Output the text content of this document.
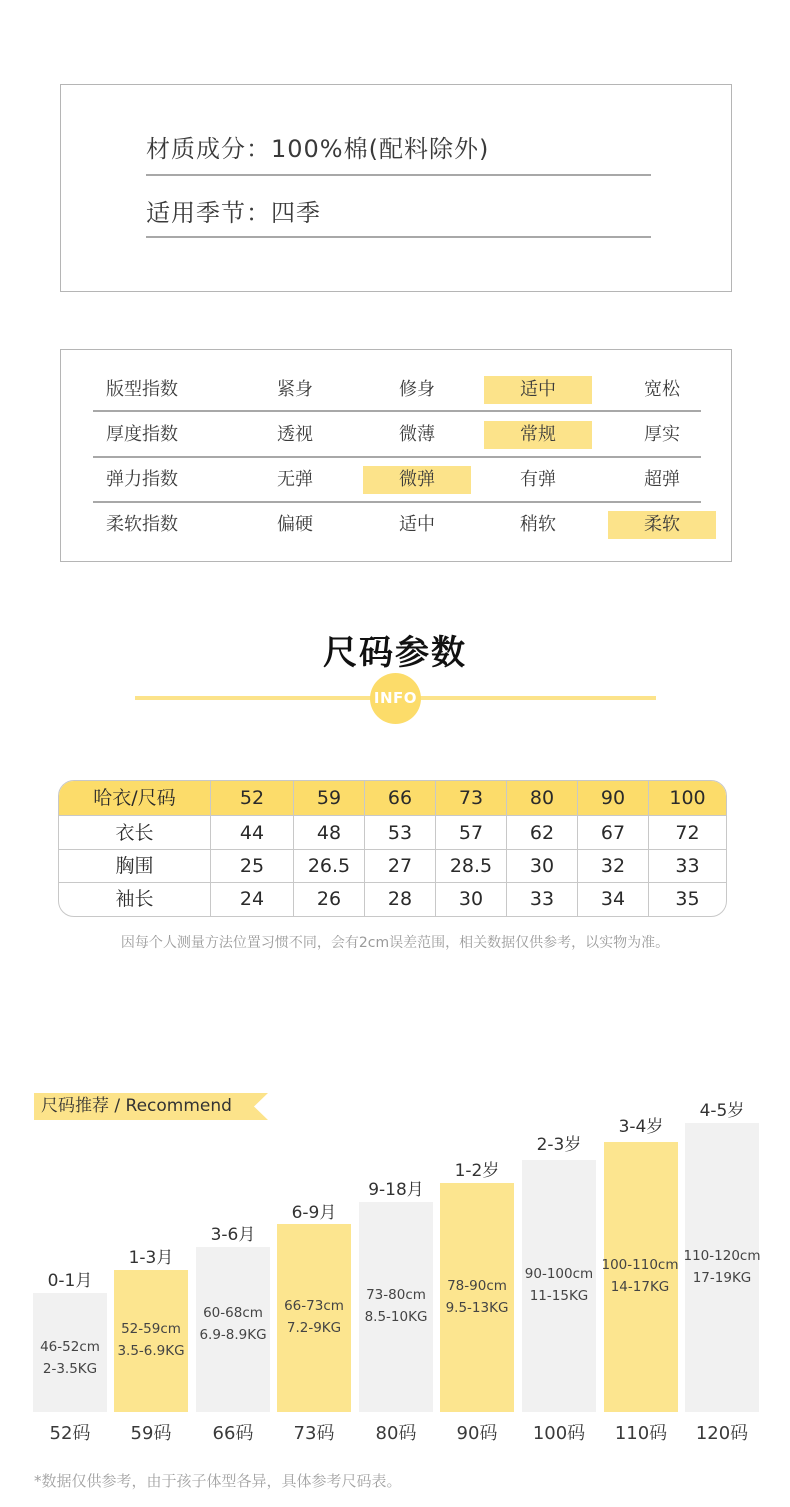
材质成分：100%棉(配料除外)
适用季节：四季
版型指数	紧身	修身	适中	宽松
厚度指数	透视	微薄	常规	厚实
弹力指数	无弹	微弹	有弹	超弹
柔软指数	偏硬	适中	稍软	柔软
尺码参数
INFO
哈衣/尺码	52	59	66	73	80	90	100
衣长	44	48	53	57	62	67	72
胸围	25	26.5	27	28.5	30	32	33
袖长	24	26	28	30	33	34	35
因每个人测量方法位置习惯不同，会有2cm误差范围，相关数据仅供参考，以实物为准。
尺码推荐 / Recommend
0-1月
1-3月
3-6月
6-9月
9-18月
1-2岁
2-3岁
3-4岁
4-5岁
46-52cm
2-3.5KG
52-59cm
3.5-6.9KG
60-68cm
6.9-8.9KG
66-73cm
7.2-9KG
73-80cm
8.5-10KG
78-90cm
9.5-13KG
90-100cm
11-15KG
100-110cm
14-17KG
110-120cm
17-19KG
52码	59码	66码	73码	80码	90码	100码	110码	120码
*数据仅供参考，由于孩子体型各异，具体参考尺码表。
